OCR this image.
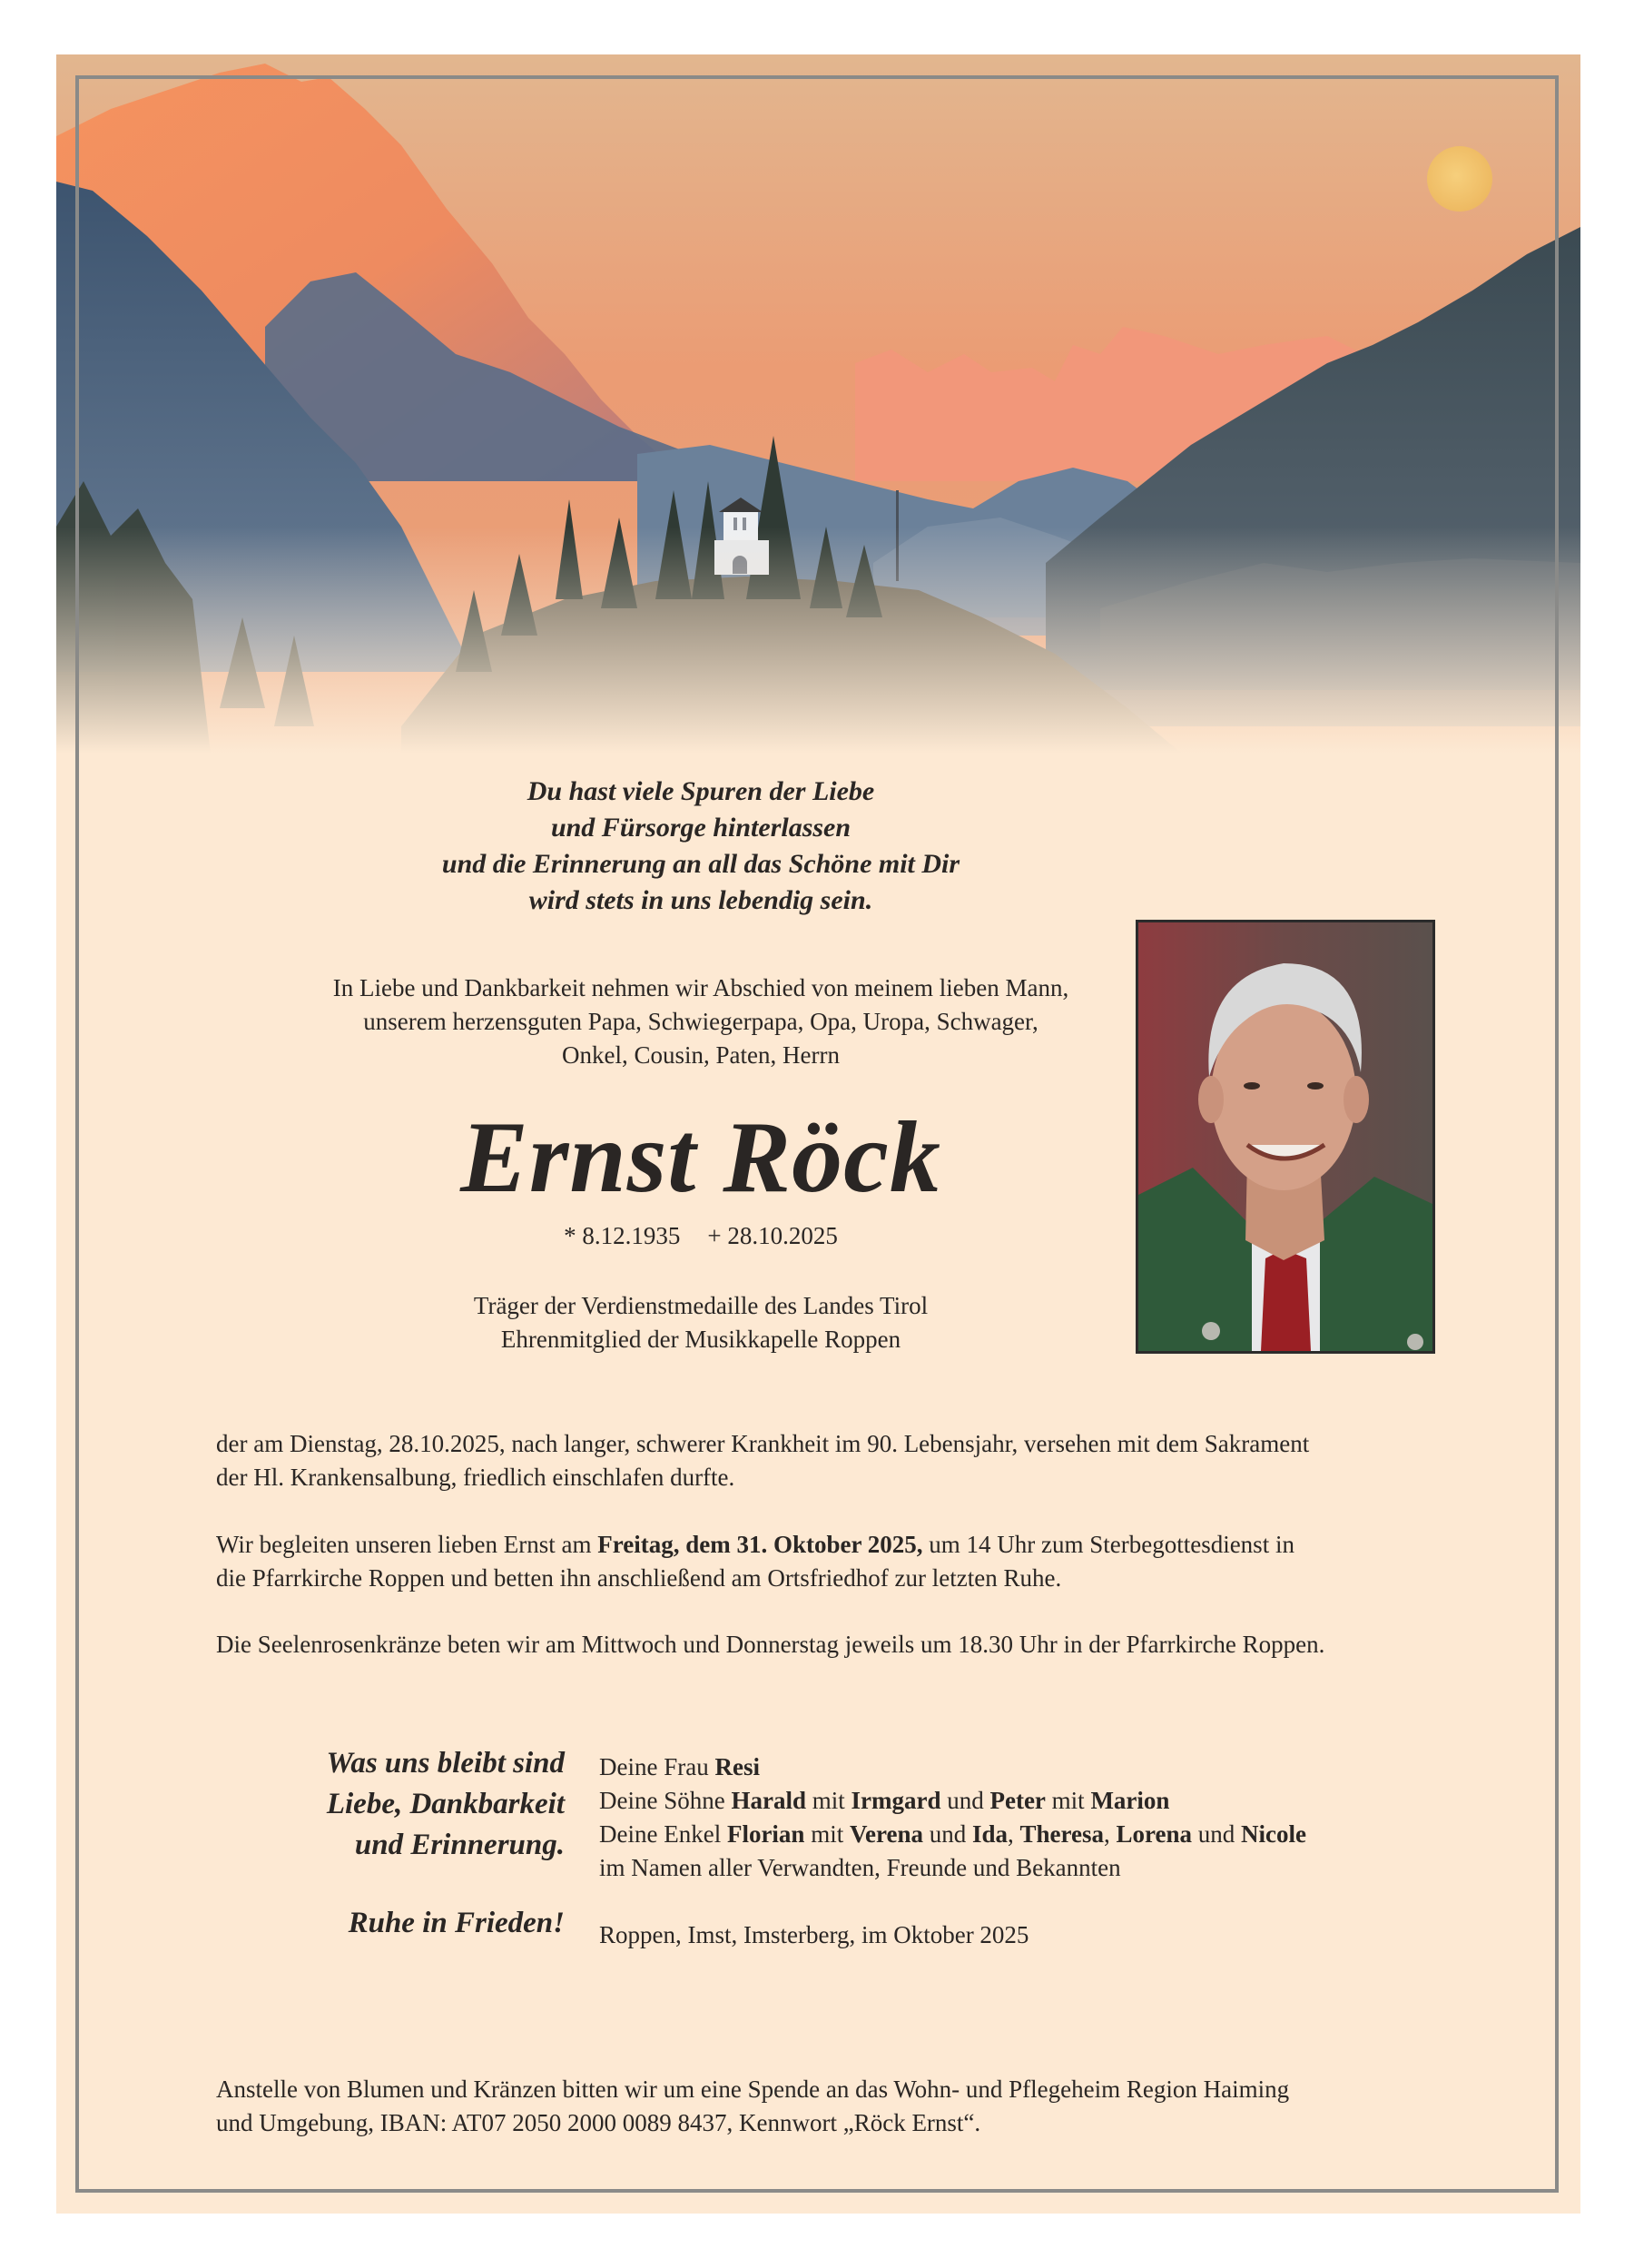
Du hast viele Spuren der Liebe
und Fürsorge hinterlassen
und die Erinnerung an all das Schöne mit Dir
wird stets in uns lebendig sein.
In Liebe und Dankbarkeit nehmen wir Abschied von meinem lieben Mann,
unserem herzensguten Papa, Schwiegerpapa, Opa, Uropa, Schwager,
Onkel, Cousin, Paten, Herrn
Ernst Röck
* 8.12.1935 + 28.10.2025
Träger der Verdienstmedaille des Landes Tirol
Ehrenmitglied der Musikkapelle Roppen
der am Dienstag, 28.10.2025, nach langer, schwerer Krankheit im 90. Lebensjahr, versehen mit dem Sakrament
der Hl. Krankensalbung, friedlich einschlafen durfte.
Wir begleiten unseren lieben Ernst am Freitag, dem 31. Oktober 2025, um 14 Uhr zum Sterbegottesdienst in
die Pfarrkirche Roppen und betten ihn anschließend am Ortsfriedhof zur letzten Ruhe.
Die Seelenrosenkränze beten wir am Mittwoch und Donnerstag jeweils um 18.30 Uhr in der Pfarrkirche Roppen.
Was uns bleibt sind
Liebe, Dankbarkeit
und Erinnerung.
Ruhe in Frieden!
Deine Frau Resi
Deine Söhne Harald mit Irmgard und Peter mit Marion
Deine Enkel Florian mit Verena und Ida, Theresa, Lorena und Nicole
im Namen aller Verwandten, Freunde und Bekannten
Roppen, Imst, Imsterberg, im Oktober 2025
Anstelle von Blumen und Kränzen bitten wir um eine Spende an das Wohn- und Pflegeheim Region Haiming
und Umgebung, IBAN: AT07 2050 2000 0089 8437, Kennwort „Röck Ernst“.
